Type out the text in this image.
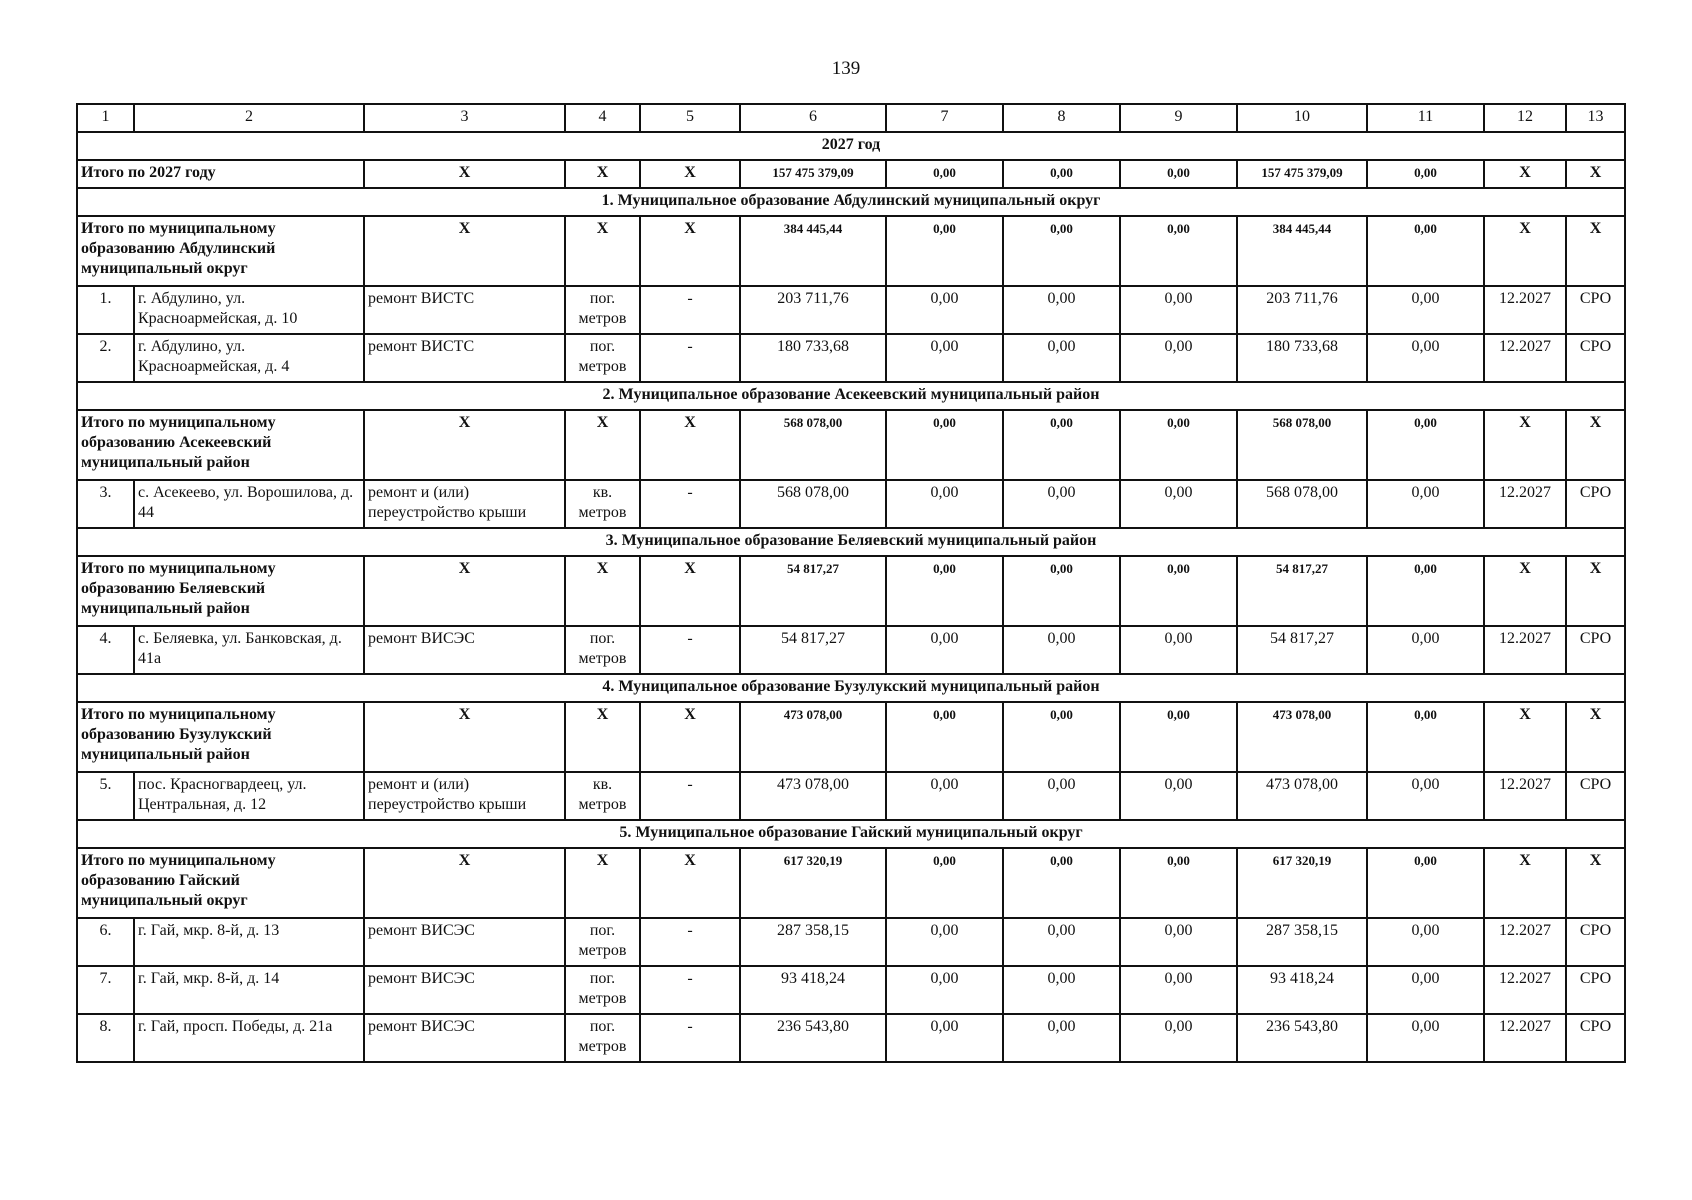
139
1	2	3	4	5	6	7	8	9	10	11	12	13
2027 год												
Итого по 2027 году		X	X	X	157 475 379,09	0,00	0,00	0,00	157 475 379,09	0,00	X	X
1. Муниципальное образование Абдулинский муниципальный округ												
Итого по муниципальному образованию Абдулинский муниципальный округ		X	X	X	384 445,44	0,00	0,00	0,00	384 445,44	0,00	X	X
1.	г. Абдулино, ул. Красноармейская, д. 10	ремонт ВИСТС	пог. метров	-	203 711,76	0,00	0,00	0,00	203 711,76	0,00	12.2027	СРО
2.	г. Абдулино, ул. Красноармейская, д. 4	ремонт ВИСТС	пог. метров	-	180 733,68	0,00	0,00	0,00	180 733,68	0,00	12.2027	СРО
2. Муниципальное образование Асекеевский муниципальный район												
Итого по муниципальному образованию Асекеевский муниципальный район		X	X	X	568 078,00	0,00	0,00	0,00	568 078,00	0,00	X	X
3.	с. Асекеево, ул. Ворошилова, д. 44	ремонт и (или) переустройство крыши	кв. метров	-	568 078,00	0,00	0,00	0,00	568 078,00	0,00	12.2027	СРО
3. Муниципальное образование Беляевский муниципальный район												
Итого по муниципальному образованию Беляевский муниципальный район		X	X	X	54 817,27	0,00	0,00	0,00	54 817,27	0,00	X	X
4.	с. Беляевка, ул. Банковская, д. 41а	ремонт ВИСЭС	пог. метров	-	54 817,27	0,00	0,00	0,00	54 817,27	0,00	12.2027	СРО
4. Муниципальное образование Бузулукский муниципальный район												
Итого по муниципальному образованию Бузулукский муниципальный район		X	X	X	473 078,00	0,00	0,00	0,00	473 078,00	0,00	X	X
5.	пос. Красногвардеец, ул. Центральная, д. 12	ремонт и (или) переустройство крыши	кв. метров	-	473 078,00	0,00	0,00	0,00	473 078,00	0,00	12.2027	СРО
5. Муниципальное образование Гайский муниципальный округ												
Итого по муниципальному образованию Гайский муниципальный округ		X	X	X	617 320,19	0,00	0,00	0,00	617 320,19	0,00	X	X
6.	г. Гай, мкр. 8-й, д. 13	ремонт ВИСЭС	пог. метров	-	287 358,15	0,00	0,00	0,00	287 358,15	0,00	12.2027	СРО
7.	г. Гай, мкр. 8-й, д. 14	ремонт ВИСЭС	пог. метров	-	93 418,24	0,00	0,00	0,00	93 418,24	0,00	12.2027	СРО
8.	г. Гай, просп. Победы, д. 21а	ремонт ВИСЭС	пог. метров	-	236 543,80	0,00	0,00	0,00	236 543,80	0,00	12.2027	СРО
